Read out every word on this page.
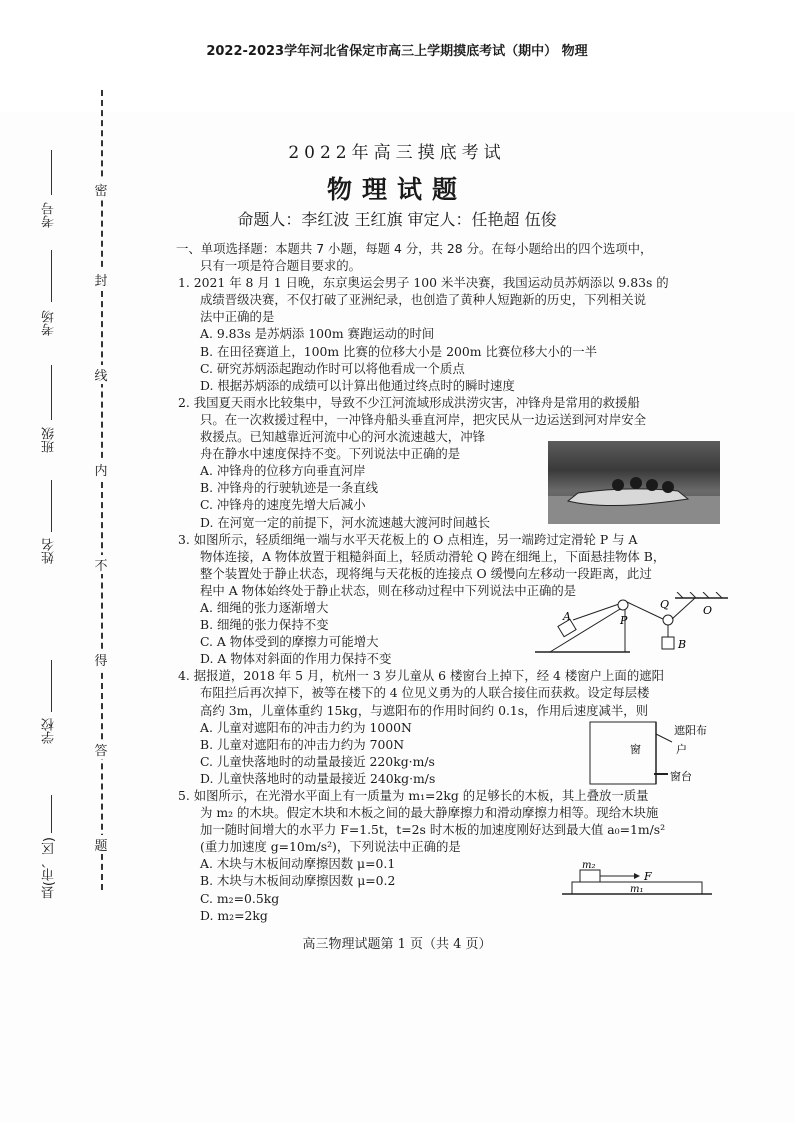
2022-2023学年河北省保定市高三上学期摸底考试（期中） 物理
密
封
线
内
不
得
答
题
考号
考场
班级
姓名
学校
县(市、区)
2022年高三摸底考试
物理试题
命题人：李红波 王红旗 审定人：任艳超 伍俊

一、单项选择题：本题共 7 小题，每题 4 分，共 28 分。在每小题给出的四个选项中，

只有一项是符合题目要求的。

1. 2021 年 8 月 1 日晚，东京奥运会男子 100 米半决赛，我国运动员苏炳添以 9.83s 的

成绩晋级决赛，不仅打破了亚洲纪录，也创造了黄种人短跑新的历史，下列相关说

法中正确的是

A. 9.83s 是苏炳添 100m 赛跑运动的时间

B. 在田径赛道上，100m 比赛的位移大小是 200m 比赛位移大小的一半

C. 研究苏炳添起跑动作时可以将他看成一个质点

D. 根据苏炳添的成绩可以计算出他通过终点时的瞬时速度

2. 我国夏天雨水比较集中，导致不少江河流域形成洪涝灾害，冲锋舟是常用的救援船

只。在一次救援过程中，一冲锋舟船头垂直河岸，把灾民从一边运送到河对岸安全

救援点。已知越靠近河流中心的河水流速越大，冲锋

舟在静水中速度保持不变。下列说法中正确的是

A. 冲锋舟的位移方向垂直河岸

B. 冲锋舟的行驶轨迹是一条直线

C. 冲锋舟的速度先增大后减小

D. 在河宽一定的前提下，河水流速越大渡河时间越长

3. 如图所示，轻质细绳一端与水平天花板上的 O 点相连，另一端跨过定滑轮 P 与 A

物体连接，A 物体放置于粗糙斜面上，轻质动滑轮 Q 跨在细绳上，下面悬挂物体 B，

整个装置处于静止状态，现将绳与天花板的连接点 O 缓慢向左移动一段距离，此过

程中 A 物体始终处于静止状态，则在移动过程中下列说法中正确的是

A. 细绳的张力逐渐增大

B. 细绳的张力保持不变

C. A 物体受到的摩擦力可能增大

D. A 物体对斜面的作用力保持不变

4. 据报道，2018 年 5 月，杭州一 3 岁儿童从 6 楼窗台上掉下，经 4 楼窗户上面的遮阳

布阻拦后再次掉下，被等在楼下的 4 位见义勇为的人联合接住而获救。设定每层楼

高约 3m，儿童体重约 15kg，与遮阳布的作用时间约 0.1s，作用后速度减半，则

A. 儿童对遮阳布的冲击力约为 1000N

B. 儿童对遮阳布的冲击力约为 700N

C. 儿童快落地时的动量最接近 220kg·m/s

D. 儿童快落地时的动量最接近 240kg·m/s

5. 如图所示，在光滑水平面上有一质量为 m₁=2kg 的足够长的木板，其上叠放一质量

为 m₂ 的木块。假定木块和木板之间的最大静摩擦力和滑动摩擦力相等。现给木块施

加一随时间增大的水平力 F=1.5t，t=2s 时木板的加速度刚好达到最大值 a₀=1m/s²

(重力加速度 g=10m/s²)，下列说法中正确的是

A. 木块与木板间动摩擦因数 μ=0.1

B. 木块与木板间动摩擦因数 μ=0.2

C. m₂=0.5kg

D. m₂=2kg

A	P
Q	O
B
遮阳布
窗	户
窗台
m₂
F
m₁
高三物理试题第 1 页（共 4 页）
